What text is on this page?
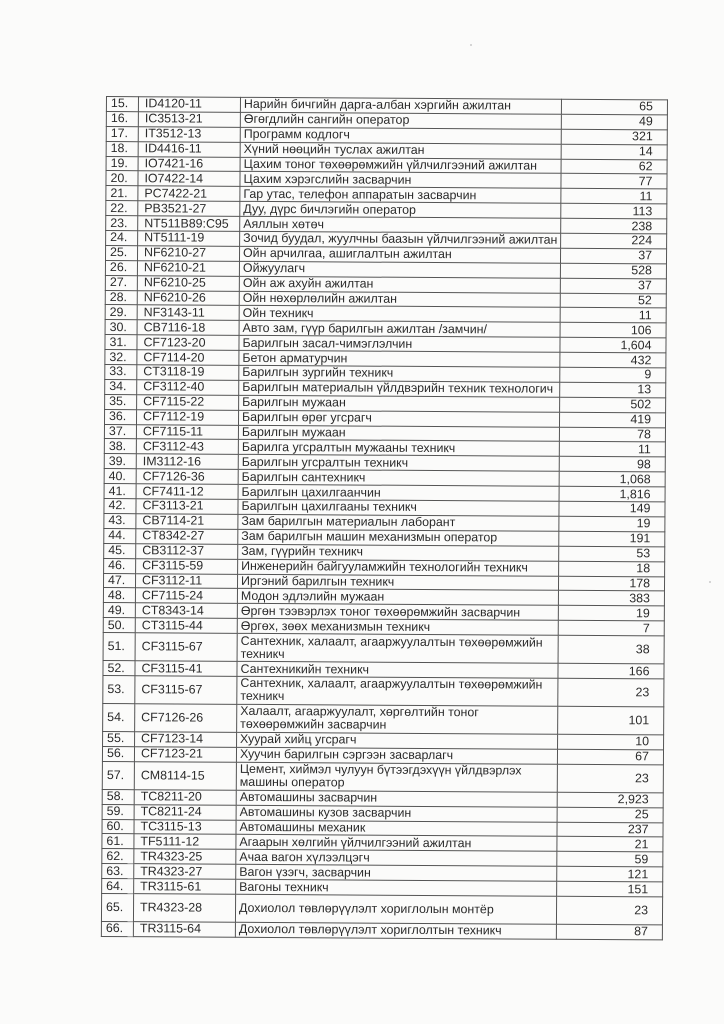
15.	ID4120-11	Нарийн бичгийн дарга-албан хэргийн ажилтан	65
16.	IC3513-21	Өгөгдлийн сангийн оператор	49
17.	IT3512-13	Программ кодлогч	321
18.	ID4416-11	Хүний нөөцийн туслах ажилтан	14
19.	IO7421-16	Цахим тоног төхөөрөмжийн үйлчилгээний ажилтан	62
20.	IO7422-14	Цахим хэрэгслийн засварчин	77
21.	PC7422-21	Гар утас, телефон аппаратын засварчин	11
22.	PB3521-27	Дуу, дүрс бичлэгийн оператор	113
23.	NT511B89:C95	Аяллын хөтөч	238
24.	NT5111-19	Зочид буудал, жуулчны баазын үйлчилгээний ажилтан	224
25.	NF6210-27	Ойн арчилгаа, ашиглалтын ажилтан	37
26.	NF6210-21	Ойжуулагч	528
27.	NF6210-25	Ойн аж ахуйн ажилтан	37
28.	NF6210-26	Ойн нөхөрлөлийн ажилтан	52
29.	NF3143-11	Ойн техникч	11
30.	CB7116-18	Авто зам, гүүр барилгын ажилтан /замчин/	106
31.	CF7123-20	Барилгын засал-чимэглэлчин	1,604
32.	CF7114-20	Бетон арматурчин	432
33.	CT3118-19	Барилгын зургийн техникч	9
34.	CF3112-40	Барилгын материалын үйлдвэрийн техник технологич	13
35.	CF7115-22	Барилгын мужаан	502
36.	CF7112-19	Барилгын өрөг угсрагч	419
37.	CF7115-11	Барилгын мужаан	78
38.	CF3112-43	Барилга угсралтын мужааны техникч	11
39.	IM3112-16	Барилгын угсралтын техникч	98
40.	CF7126-36	Барилгын сантехникч	1,068
41.	CF7411-12	Барилгын цахилгаанчин	1,816
42.	CF3113-21	Барилгын цахилгааны техникч	149
43.	CB7114-21	Зам барилгын материалын лаборант	19
44.	CT8342-27	Зам барилгын машин механизмын оператор	191
45.	CB3112-37	Зам, гүүрийн техникч	53
46.	CF3115-59	Инженерийн байгууламжийн технологийн техникч	18
47.	CF3112-11	Иргэний барилгын техникч	178
48.	CF7115-24	Модон эдлэлийн мужаан	383
49.	CT8343-14	Өргөн тээвэрлэх тоног төхөөрөмжийн засварчин	19
50.	CT3115-44	Өргөх, зөөх механизмын техникч	7
51.	CF3115-67	Сантехник, халаалт, агааржуулалтын төхөөрөмжийн техникч	38
52.	CF3115-41	Сантехникийн техникч	166
53.	CF3115-67	Сантехник, халаалт, агааржуулалтын төхөөрөмжийн техникч	23
54.	CF7126-26	Халаалт, агааржуулалт, хөргөлтийн тоног төхөөрөмжийн засварчин	101
55.	CF7123-14	Хуурай хийц угсрагч	10
56.	CF7123-21	Хуучин барилгын сэргээн засварлагч	67
57.	CM8114-15	Цемент, хиймэл чулуун бүтээгдэхүүн үйлдвэрлэх машины оператор	23
58.	TC8211-20	Автомашины засварчин	2,923
59.	TC8211-24	Автомашины кузов засварчин	25
60.	TC3115-13	Автомашины механик	237
61.	TF5111-12	Агаарын хөлгийн үйлчилгээний ажилтан	21
62.	TR4323-25	Ачаа вагон хүлээлцэгч	59
63.	TR4323-27	Вагон үзэгч, засварчин	121
64.	TR3115-61	Вагоны техникч	151
65.	TR4323-28	Дохиолол төвлөрүүлэлт хориглолын монтёр	23
66.	TR3115-64	Дохиолол төвлөрүүлэлт хориглолтын техникч	87
